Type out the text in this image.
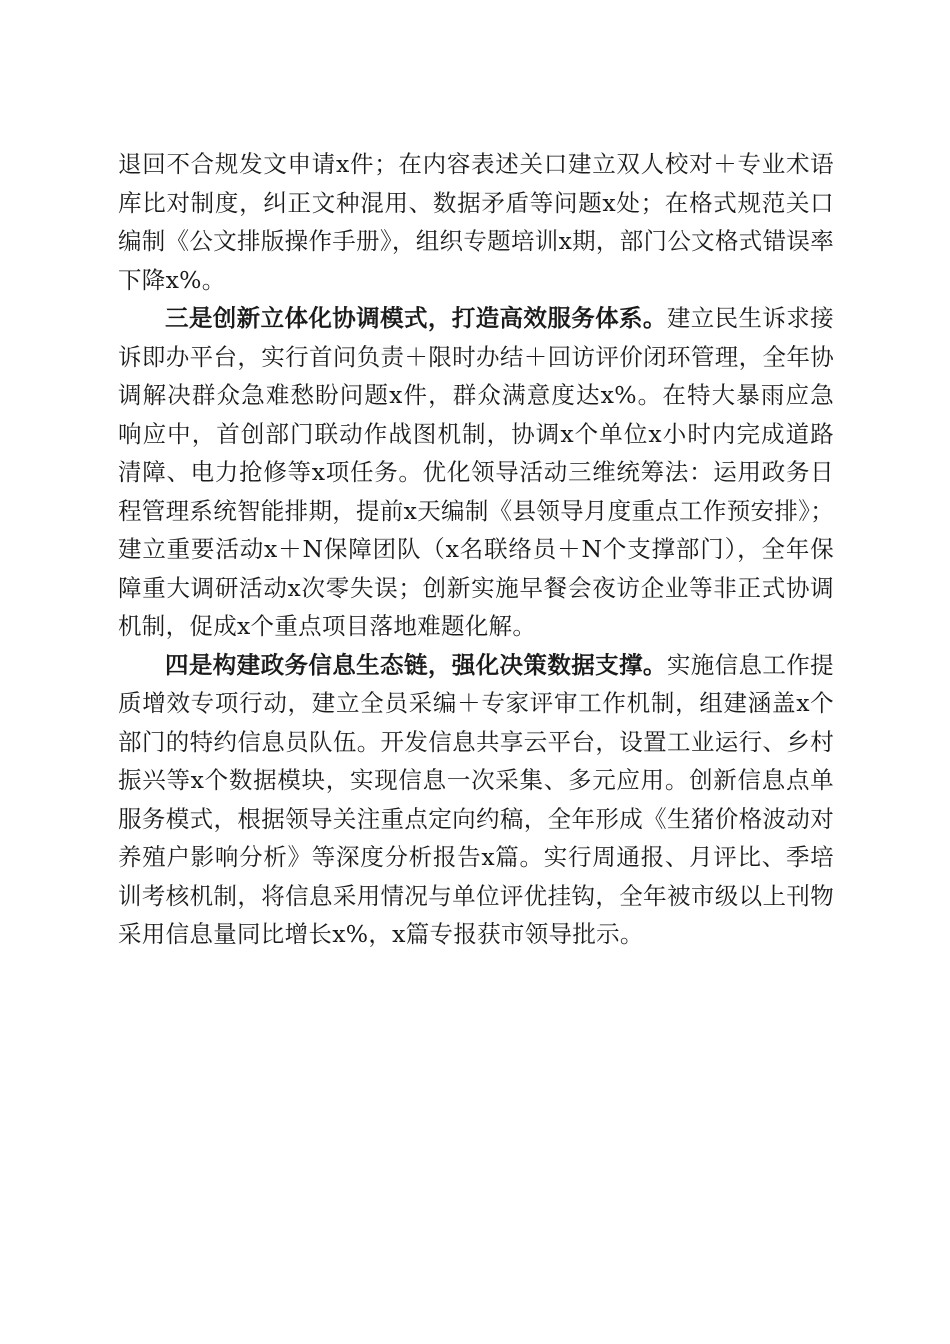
退回不合规发文申请x件；在内容表述关口建立双人校对＋专业术语库比对制度，纠正文种混用、数据矛盾等问题x处；在格式规范关口编制《公文排版操作手册》，组织专题培训x期，部门公文格式错误率下降x%。

三是创新立体化协调模式，打造高效服务体系。建立民生诉求接诉即办平台，实行首问负责＋限时办结＋回访评价闭环管理，全年协调解决群众急难愁盼问题x件，群众满意度达x%。在特大暴雨应急响应中，首创部门联动作战图机制，协调x个单位x小时内完成道路清障、电力抢修等x项任务。优化领导活动三维统筹法：运用政务日程管理系统智能排期，提前x天编制《县领导月度重点工作预安排》；建立重要活动x＋N保障团队（x名联络员＋N个支撑部门），全年保障重大调研活动x次零失误；创新实施早餐会夜访企业等非正式协调机制，促成x个重点项目落地难题化解。

四是构建政务信息生态链，强化决策数据支撑。实施信息工作提质增效专项行动，建立全员采编＋专家评审工作机制，组建涵盖x个部门的特约信息员队伍。开发信息共享云平台，设置工业运行、乡村振兴等x个数据模块，实现信息一次采集、多元应用。创新信息点单服务模式，根据领导关注重点定向约稿，全年形成《生猪价格波动对养殖户影响分析》等深度分析报告x篇。实行周通报、月评比、季培训考核机制，将信息采用情况与单位评优挂钩，全年被市级以上刊物采用信息量同比增长x%，x篇专报获市领导批示。
